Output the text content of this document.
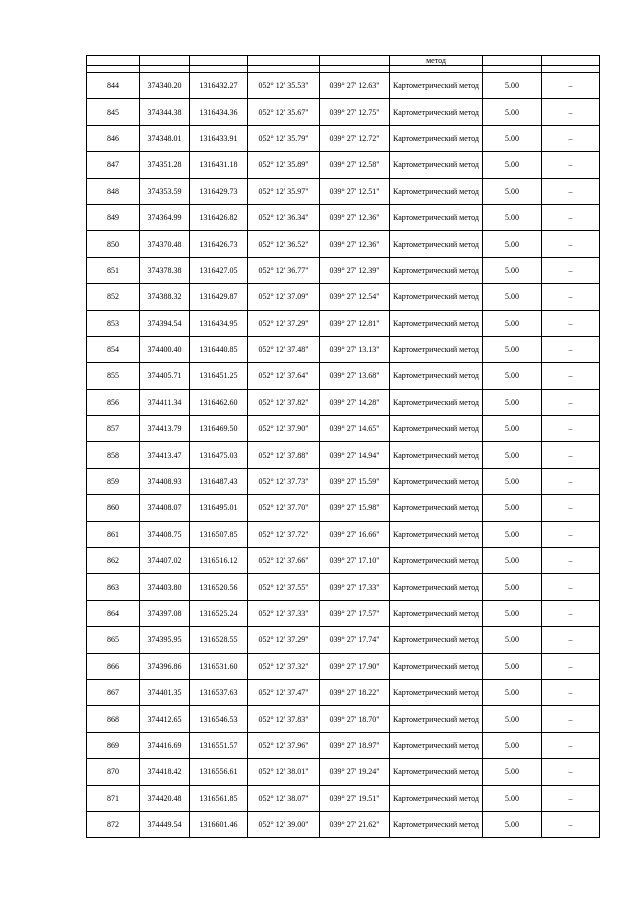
					метод		

844	374340.20	1316432.27	052° 12' 35.53"	039° 27' 12.63"	Картометрический метод	5.00	–
845	374344.38	1316434.36	052° 12' 35.67"	039° 27' 12.75"	Картометрический метод	5.00	–
846	374348.01	1316433.91	052° 12' 35.79"	039° 27' 12.72"	Картометрический метод	5.00	–
847	374351.28	1316431.18	052° 12' 35.89"	039° 27' 12.58"	Картометрический метод	5.00	–
848	374353.59	1316429.73	052° 12' 35.97"	039° 27' 12.51"	Картометрический метод	5.00	–
849	374364.99	1316426.82	052° 12' 36.34"	039° 27' 12.36"	Картометрический метод	5.00	–
850	374370.48	1316426.73	052° 12' 36.52"	039° 27' 12.36"	Картометрический метод	5.00	–
851	374378.38	1316427.05	052° 12' 36.77"	039° 27' 12.39"	Картометрический метод	5.00	–
852	374388.32	1316429.87	052° 12' 37.09"	039° 27' 12.54"	Картометрический метод	5.00	–
853	374394.54	1316434.95	052° 12' 37.29"	039° 27' 12.81"	Картометрический метод	5.00	–
854	374400.40	1316440.85	052° 12' 37.48"	039° 27' 13.13"	Картометрический метод	5.00	–
855	374405.71	1316451.25	052° 12' 37.64"	039° 27' 13.68"	Картометрический метод	5.00	–
856	374411.34	1316462.60	052° 12' 37.82"	039° 27' 14.28"	Картометрический метод	5.00	–
857	374413.79	1316469.50	052° 12' 37.90"	039° 27' 14.65"	Картометрический метод	5.00	–
858	374413.47	1316475.03	052° 12' 37.88"	039° 27' 14.94"	Картометрический метод	5.00	–
859	374408.93	1316487.43	052° 12' 37.73"	039° 27' 15.59"	Картометрический метод	5.00	–
860	374408.07	1316495.01	052° 12' 37.70"	039° 27' 15.98"	Картометрический метод	5.00	–
861	374408.75	1316507.85	052° 12' 37.72"	039° 27' 16.66"	Картометрический метод	5.00	–
862	374407.02	1316516.12	052° 12' 37.66"	039° 27' 17.10"	Картометрический метод	5.00	–
863	374403.80	1316520.56	052° 12' 37.55"	039° 27' 17.33"	Картометрический метод	5.00	–
864	374397.08	1316525.24	052° 12' 37.33"	039° 27' 17.57"	Картометрический метод	5.00	–
865	374395.95	1316528.55	052° 12' 37.29"	039° 27' 17.74"	Картометрический метод	5.00	–
866	374396.86	1316531.60	052° 12' 37.32"	039° 27' 17.90"	Картометрический метод	5.00	–
867	374401.35	1316537.63	052° 12' 37.47"	039° 27' 18.22"	Картометрический метод	5.00	–
868	374412.65	1316546.53	052° 12' 37.83"	039° 27' 18.70"	Картометрический метод	5.00	–
869	374416.69	1316551.57	052° 12' 37.96"	039° 27' 18.97"	Картометрический метод	5.00	–
870	374418.42	1316556.61	052° 12' 38.01"	039° 27' 19.24"	Картометрический метод	5.00	–
871	374420.48	1316561.85	052° 12' 38.07"	039° 27' 19.51"	Картометрический метод	5.00	–
872	374449.54	1316601.46	052° 12' 39.00"	039° 27' 21.62"	Картометрический метод	5.00	–
